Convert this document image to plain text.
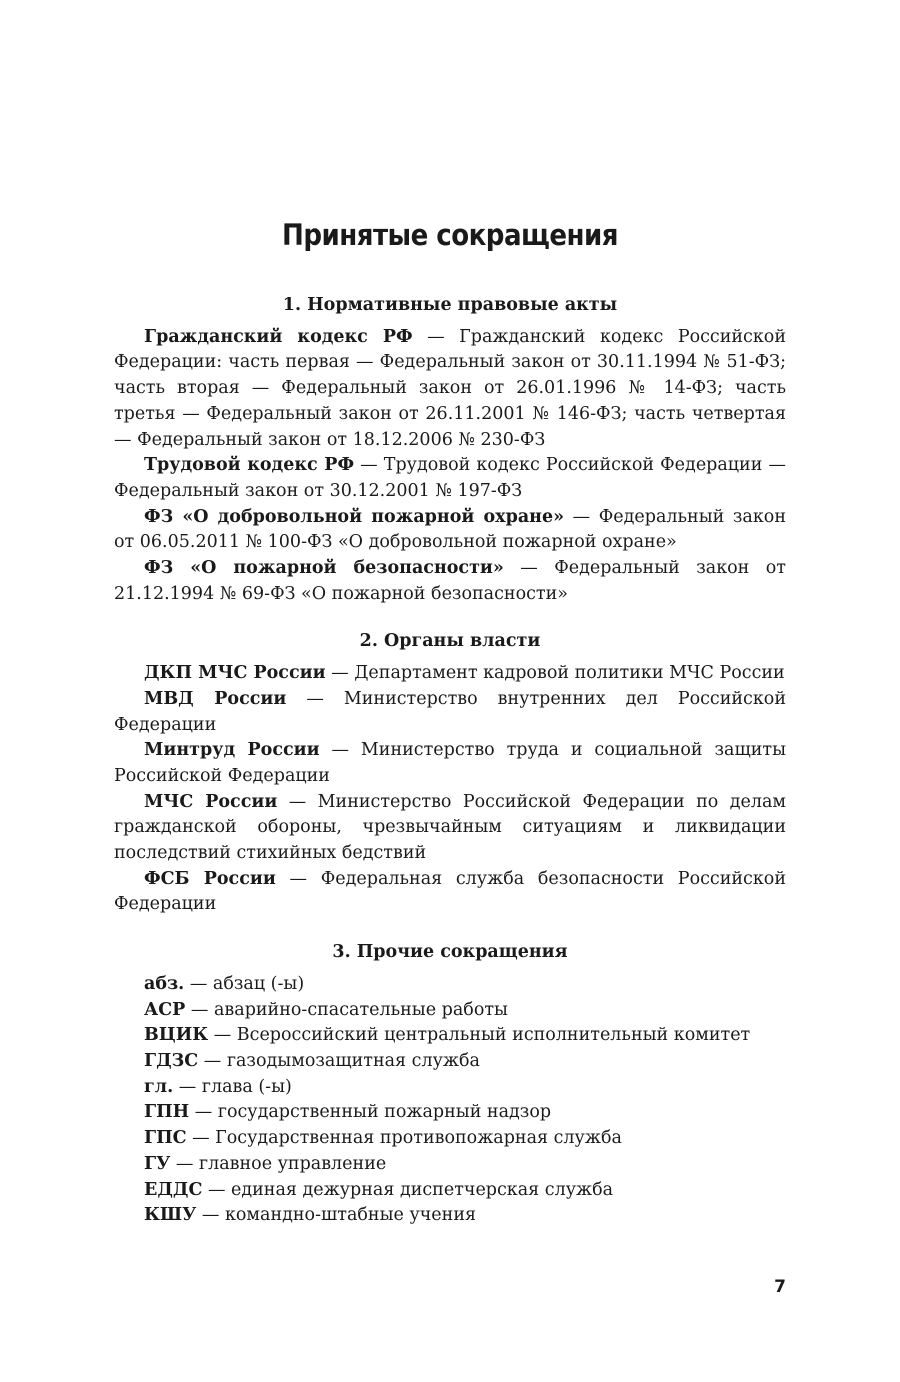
Принятые сокращения

1. Нормативные правовые акты

Гражданский кодекс РФ — Гражданский кодекс Российской Федерации: часть первая — Федеральный закон от 30.11.1994 № 51-ФЗ; часть вторая — Федеральный закон от 26.01.1996 № 14-ФЗ; часть третья — Федеральный закон от 26.11.2001 № 146-ФЗ; часть четвертая — Федеральный закон от 18.12.2006 № 230-ФЗ

Трудовой кодекс РФ — Трудовой кодекс Российской Федерации — Федеральный закон от 30.12.2001 № 197-ФЗ

ФЗ «О добровольной пожарной охране» — Федеральный закон от 06.05.2011 № 100-ФЗ «О добровольной пожарной охране»

ФЗ «О пожарной безопасности» — Федеральный закон от 21.12.1994 № 69-ФЗ «О пожарной безопасности»

2. Органы власти

ДКП МЧС России — Департамент кадровой политики МЧС России

МВД России — Министерство внутренних дел Российской Федерации

Минтруд России — Министерство труда и социальной защиты Российской Федерации

МЧС России — Министерство Российской Федерации по делам гражданской обороны, чрезвычайным ситуациям и ликвидации последствий стихийных бедствий

ФСБ России — Федеральная служба безопасности Российской Федерации

3. Прочие сокращения

абз. — абзац (-ы)
АСР — аварийно-спасательные работы
ВЦИК — Всероссийский центральный исполнительный комитет
ГДЗС — газодымозащитная служба
гл. — глава (-ы)
ГПН — государственный пожарный надзор
ГПС — Государственная противопожарная служба
ГУ — главное управление
ЕДДС — единая дежурная диспетчерская служба
КШУ — командно-штабные учения
7
